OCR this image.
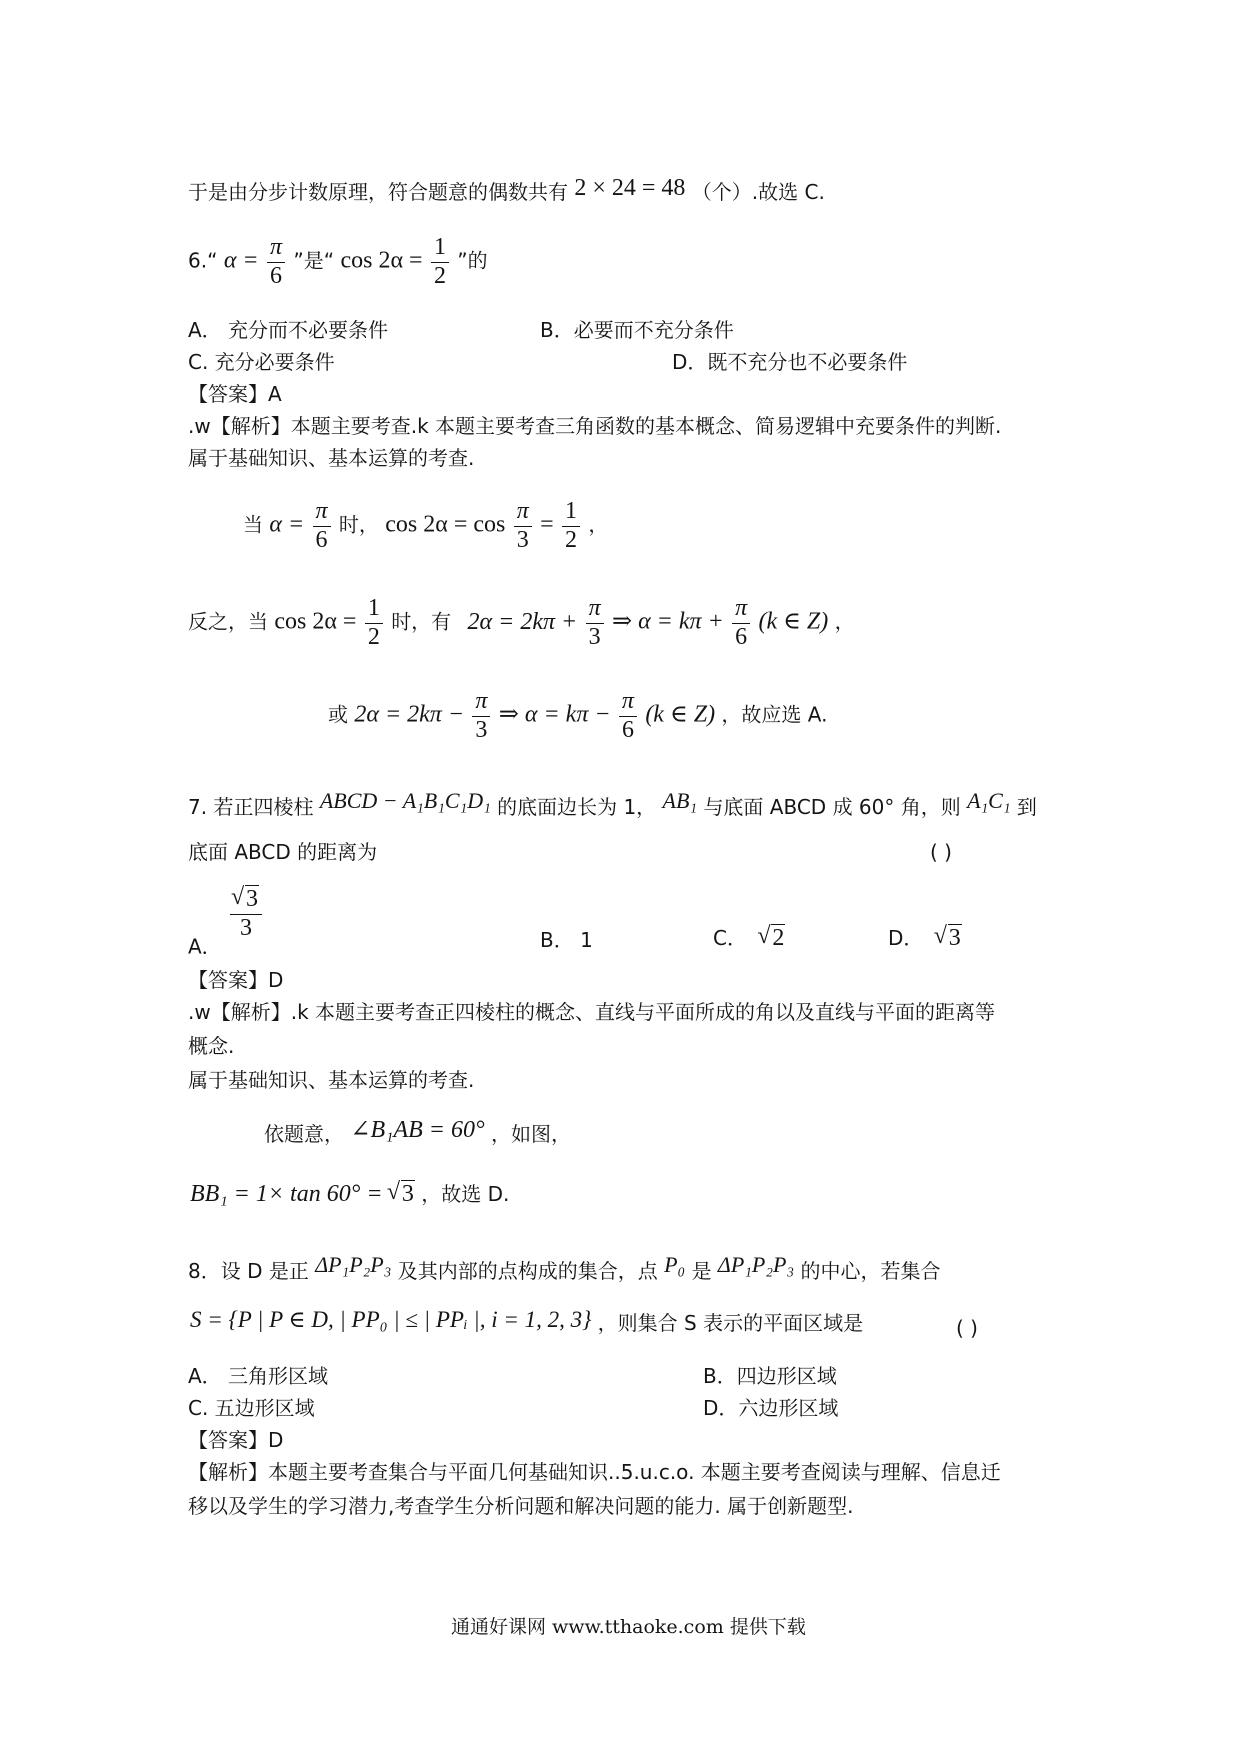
于是由分步计数原理，符合题意的偶数共有 2 × 24 = 48 （个）.故选 C.
6.“ $\alpha = \frac{\pi}{6}$ ”是“ $\cos 2\alpha = \frac{1}{2}$ ”的
A． 充分而不必要条件	B．必要而不充分条件
C. 充分必要条件	D．既不充分也不必要条件
【答案】A
.w【解析】本题主要考查.k 本题主要考查三角函数的基本概念、简易逻辑中充要条件的判断.
属于基础知识、基本运算的考查.
当 $\alpha = \frac{\pi}{6}$ 时， $\cos 2\alpha = \cos \frac{\pi}{3} = \frac{1}{2}$ ，
反之，当 $\cos 2\alpha = \frac{1}{2}$ 时，有 $2\alpha = 2k\pi + \frac{\pi}{3}$ ⇒ $\alpha = k\pi + \frac{\pi}{6} (k$ ∈ Z) ，
或 $2\alpha = 2k\pi - \frac{\pi}{3}$ ⇒ $\alpha = k\pi - \frac{\pi}{6} (k$ ∈ Z) ，故应选 A.
7. 若正四棱柱 ABCD − A₁B₁C₁D₁ 的底面边长为 1， AB₁ 与底面 ABCD 成 60° 角，则 A₁C₁ 到
底面 ABCD 的距离为	( )
A．
√ $\frac{3}{3}$	B． 1	C． √ 2	D． √ 3
【答案】D
.w【解析】.k 本题主要考查正四棱柱的概念、直线与平面所成的角以及直线与平面的距离等
概念.
属于基础知识、基本运算的考查.
依题意， ∠B₁AB = 60° ，如图，
BB₁ = 1× tan 60° = √ 3 ，故选 D.
8．设 D 是正 ΔP₁P₂P₃ 及其内部的点构成的集合，点 P₀ 是 ΔP₁P₂P₃ 的中心，若集合
S = {P | P ∈ D, | PP₀ | ≤ | PPᵢ |, i = 1, 2, 3} ，则集合 S 表示的平面区域是	( )
A． 三角形区域	B．四边形区域
C. 五边形区域	D．六边形区域
【答案】D
【解析】本题主要考查集合与平面几何基础知识..5.u.c.o. 本题主要考查阅读与理解、信息迁
移以及学生的学习潜力,考查学生分析问题和解决问题的能力. 属于创新题型.
通通好课网 www.tthaoke.com 提供下载
